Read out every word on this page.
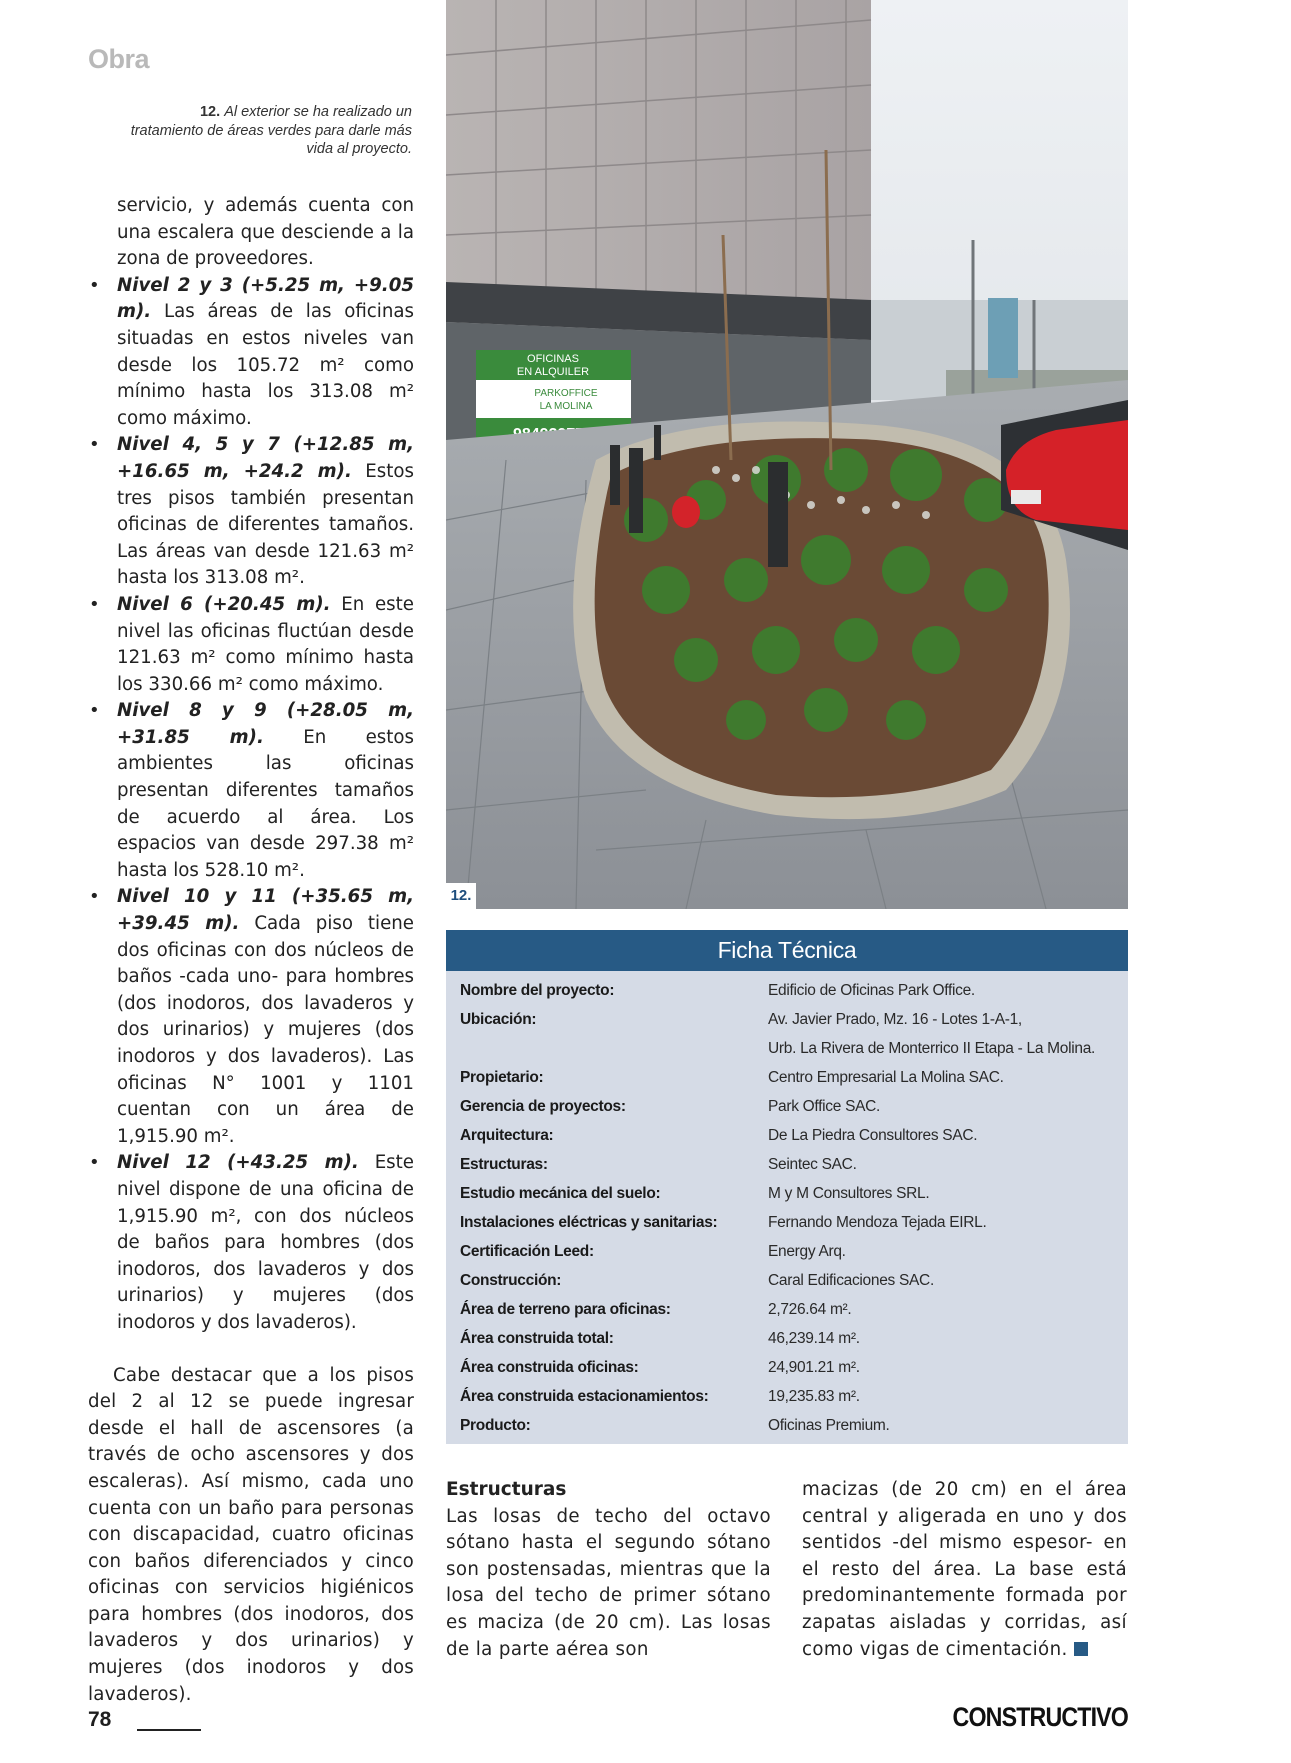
Obra
12. Al exterior se ha realizado un tratamiento de áreas verdes para darle más vida al proyecto.

servicio, y además cuenta con una escalera que desciende a la zona de proveedores.

• Nivel 2 y 3 (+5.25 m, +9.05 m). Las áreas de las oficinas situadas en estos niveles van desde los 105.72 m² como mínimo hasta los 313.08 m² como máximo.
• Nivel 4, 5 y 7 (+12.85 m, +16.65 m, +24.2 m). Estos tres pisos también presentan oficinas de diferentes tamaños. Las áreas van desde 121.63 m² hasta los 313.08 m².
• Nivel 6 (+20.45 m). En este nivel las oficinas fluctúan desde 121.63 m² como mínimo hasta los 330.66 m² como máximo.
• Nivel 8 y 9 (+28.05 m, +31.85 m). En estos ambientes las oficinas presentan diferentes tamaños de acuerdo al área. Los espacios van desde 297.38 m² hasta los 528.10 m².
• Nivel 10 y 11 (+35.65 m, +39.45 m). Cada piso tiene dos oficinas con dos núcleos de baños -cada uno- para hombres (dos inodoros, dos lavaderos y dos urinarios) y mujeres (dos inodoros y dos lavaderos). Las oficinas N° 1001 y 1101 cuentan con un área de 1,915.90 m².
• Nivel 12 (+43.25 m). Este nivel dispone de una oficina de 1,915.90 m², con dos núcleos de baños para hombres (dos inodoros, dos lavaderos y dos urinarios) y mujeres (dos inodoros y dos lavaderos).

Cabe destacar que a los pisos del 2 al 12 se puede ingresar desde el hall de ascensores (a través de ocho ascensores y dos escaleras). Así mismo, cada uno cuenta con un baño para personas con discapacidad, cuatro oficinas con baños diferenciados y cinco oficinas con servicios higiénicos para hombres (dos inodoros, dos lavaderos y dos urinarios) y mujeres (dos inodoros y dos lavaderos).

OFICINAS
EN ALQUILER
PARKOFFICE
LA MOLINA
12.
Ficha Técnica
Nombre del proyecto:	Edificio de Oficinas Park Office.
Ubicación:	Av. Javier Prado, Mz. 16 - Lotes 1-A-1,
Urb. La Rivera de Monterrico II Etapa - La Molina.
Propietario:	Centro Empresarial La Molina SAC.
Gerencia de proyectos:	Park Office SAC.
Arquitectura:	De La Piedra Consultores SAC.
Estructuras:	Seintec SAC.
Estudio mecánica del suelo:	M y M Consultores SRL.
Instalaciones eléctricas y sanitarias:	Fernando Mendoza Tejada EIRL.
Certificación Leed:	Energy Arq.
Construcción:	Caral Edificaciones SAC.
Área de terreno para oficinas:	2,726.64 m².
Área construida total:	46,239.14 m².
Área construida oficinas:	24,901.21 m².
Área construida estacionamientos:	19,235.83 m².
Producto:	Oficinas Premium.
Estructuras

Las losas de techo del octavo sótano hasta el segundo sótano son postensadas, mientras que la losa del techo de primer sótano es maciza (de 20 cm). Las losas de la parte aérea son

macizas (de 20 cm) en el área central y aligerada en uno y dos sentidos -del mismo espesor- en el resto del área. La base está predominantemente formada por zapatas aisladas y corridas, así como vigas de cimentación.

78	CONSTRUCTIVO
